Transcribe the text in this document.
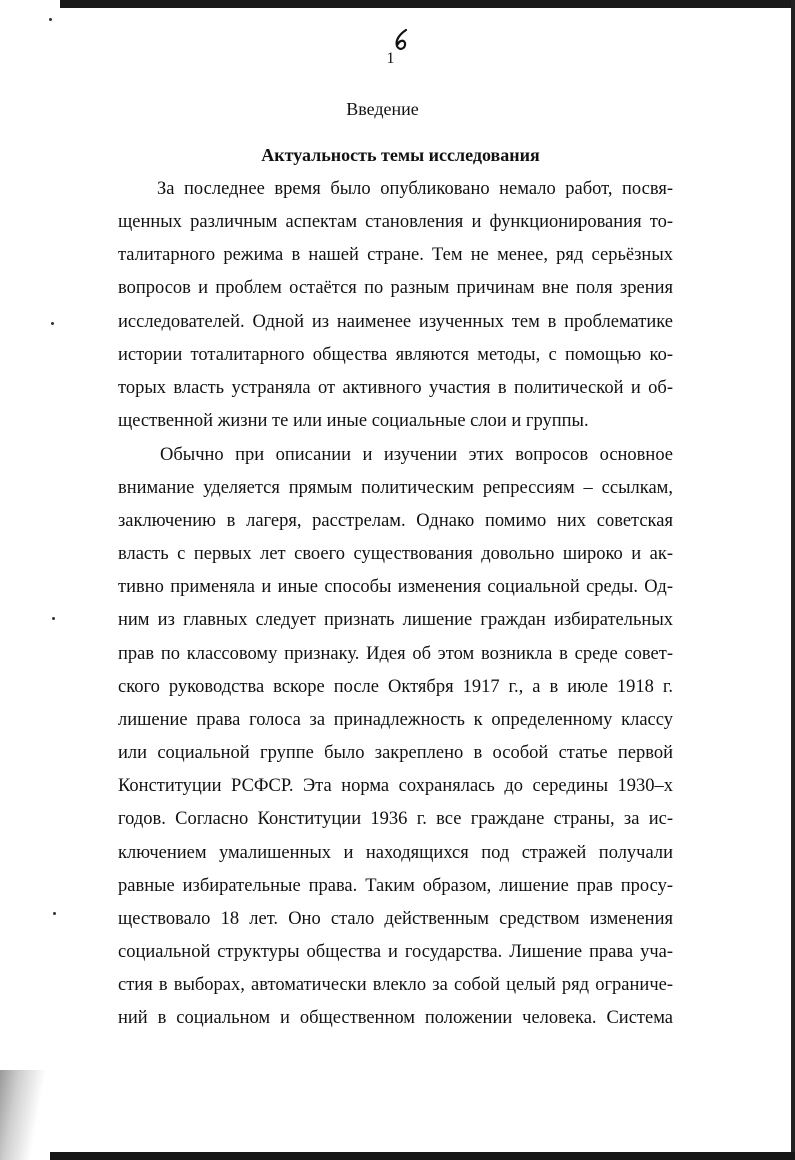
1
Введение
Актуальность темы исследования
За последнее время было опубликовано немало работ, посвя-
щенных различным аспектам становления и функционирования то-
талитарного режима в нашей стране. Тем не менее, ряд серьёзных
вопросов и проблем остаётся по разным причинам вне поля зрения
исследователей. Одной из наименее изученных тем в проблематике
истории тоталитарного общества являются методы, с помощью ко-
торых власть устраняла от активного участия в политической и об-
щественной жизни те или иные социальные слои и группы.
Обычно при описании и изучении этих вопросов основное
внимание уделяется прямым политическим репрессиям – ссылкам,
заключению в лагеря, расстрелам. Однако помимо них советская
власть с первых лет своего существования довольно широко и ак-
тивно применяла и иные способы изменения социальной среды. Од-
ним из главных следует признать лишение граждан избирательных
прав по классовому признаку. Идея об этом возникла в среде совет-
ского руководства вскоре после Октября 1917 г., а в июле 1918 г.
лишение права голоса за принадлежность к определенному классу
или социальной группе было закреплено в особой статье первой
Конституции РСФСР. Эта норма сохранялась до середины 1930–х
годов. Согласно Конституции 1936 г. все граждане страны, за ис-
ключением умалишенных и находящихся под стражей получали
равные избирательные права. Таким образом, лишение прав просу-
ществовало 18 лет. Оно стало действенным средством изменения
социальной структуры общества и государства. Лишение права уча-
стия в выборах, автоматически влекло за собой целый ряд ограниче-
ний в социальном и общественном положении человека. Система
